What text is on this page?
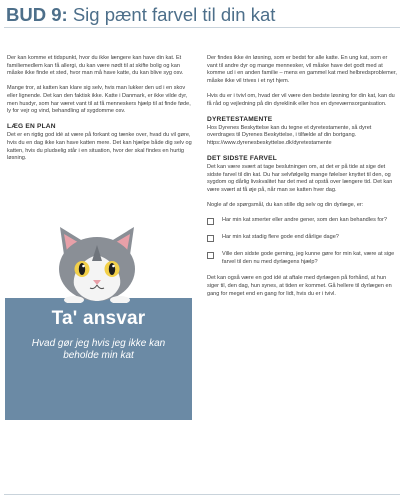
BUD 9: Sig pænt farvel til din kat

Der kan komme et tidspunkt, hvor du ikke længere kan have din kat. Et familiemedlem kan få allergi, du kan være nødt til at skifte bolig og kan måske ikke finde et sted, hvor man må have katte, du kan blive syg osv.

Mange tror, at katten kan klare sig selv, hvis man lukker den ud i en skov eller lignende. Det kan den faktisk ikke. Katte i Danmark, er ikke vilde dyr, men husdyr, som har været vant til at få menneskers hjælp til at finde føde, ly for vejr og vind, behandling af sygdomme osv.

LÆG EN PLAN

Det er en rigtig god idé at være på forkant og tænke over, hvad du vil gøre, hvis du en dag ikke kan have katten mere. Det kan hjælpe både dig selv og katten, hvis du pludselig står i en situation, hvor der skal findes en hurtig løsning.

Ta' ansvar
Hvad gør jeg hvis jeg ikke kan beholde min kat

Der findes ikke én løsning, som er bedst for alle katte. En ung kat, som er vant til andre dyr og mange mennesker, vil måske have det godt med at komme ud i en anden familie – mens en gammel kat med helbredsproblemer, måske ikke vil trives i et nyt hjem.

Hvis du er i tvivl om, hvad der vil være den bedste løsning for din kat, kan du få råd og vejledning på din dyreklinik eller hos en dyreværnsorganisation.

DYRETESTAMENTE

Hos Dyrenes Beskyttelse kan du tegne et dyretestamente, så dyret overdrages til Dyrenes Beskyttelse, i tilfælde af din bortgang. https://www.dyrenesbeskyttelse.dk/dyretestamente

DET SIDSTE FARVEL

Det kan være svært at tage beslutningen om, at det er på tide at sige det sidste farvel til din kat. Du har selvfølgelig mange følelser knyttet til den, og sygdom og dårlig livskvalitet har det med at opstå over længere tid. Det kan være svært at få øje på, når man se katten hver dag.

Nogle af de spørgsmål, du kan stille dig selv og din dyrlæge, er:

Har min kat smerter eller andre gener, som den kan behandles for?
Har min kat stadig flere gode end dårlige dage?
Ville den sidste gode gerning, jeg kunne gøre for min kat, være at sige farvel til den nu med dyrlægens hjælp?

Det kan også være en god idé at aftale med dyrlægen på forhånd, at hun siger til, den dag, hun synes, at tiden er kommet. Gå hellere til dyrlægen en gang for meget end en gang for lidt, hvis du er i tvivl.
